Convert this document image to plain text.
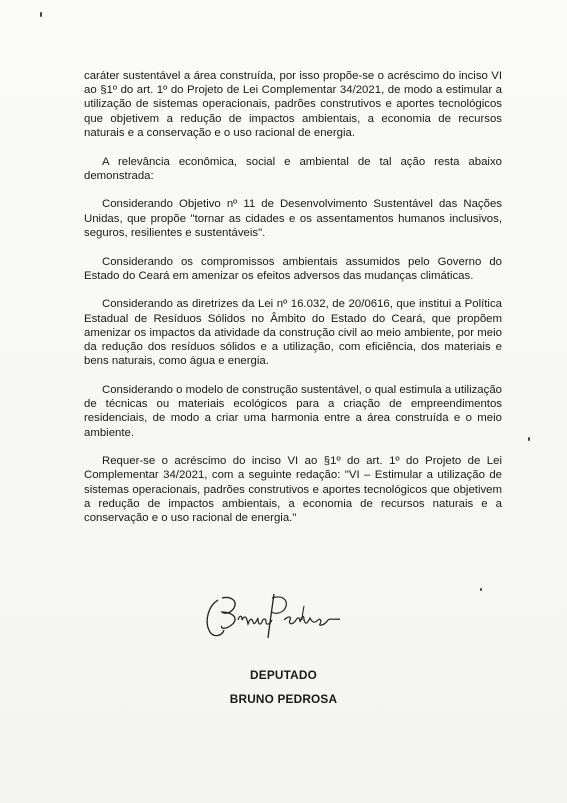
caráter sustentável a área construída, por isso propõe-se o acréscimo do inciso VI ao §1º do art. 1º do Projeto de Lei Complementar 34/2021, de modo a estimular a utilização de sistemas operacionais, padrões construtivos e aportes tecnológicos que objetivem a redução de impactos ambientais, a economia de recursos naturais e a conservação e o uso racional de energia.

A relevância econômica, social e ambiental de tal ação resta abaixo demonstrada:

Considerando Objetivo nº 11 de Desenvolvimento Sustentável das Nações Unidas, que propõe "tornar as cidades e os assentamentos humanos inclusivos, seguros, resilientes e sustentáveis".

Considerando os compromissos ambientais assumidos pelo Governo do Estado do Ceará em amenizar os efeitos adversos das mudanças climáticas.

Considerando as diretrizes da Lei nº 16.032, de 20/0616, que institui a Política Estadual de Resíduos Sólidos no Âmbito do Estado do Ceará, que propõem amenizar os impactos da atividade da construção civil ao meio ambiente, por meio da redução dos resíduos sólidos e a utilização, com eficiência, dos materiais e bens naturais, como água e energia.

Considerando o modelo de construção sustentável, o qual estimula a utilização de técnicas ou materiais ecológicos para a criação de empreendimentos residenciais, de modo a criar uma harmonia entre a área construída e o meio ambiente.

Requer-se o acréscimo do inciso VI ao §1º do art. 1º do Projeto de Lei Complementar 34/2021, com a seguinte redação: "VI – Estimular a utilização de sistemas operacionais, padrões construtivos e aportes tecnológicos que objetivem a redução de impactos ambientais, a economia de recursos naturais e a conservação e o uso racional de energia."

DEPUTADO
BRUNO PEDROSA
